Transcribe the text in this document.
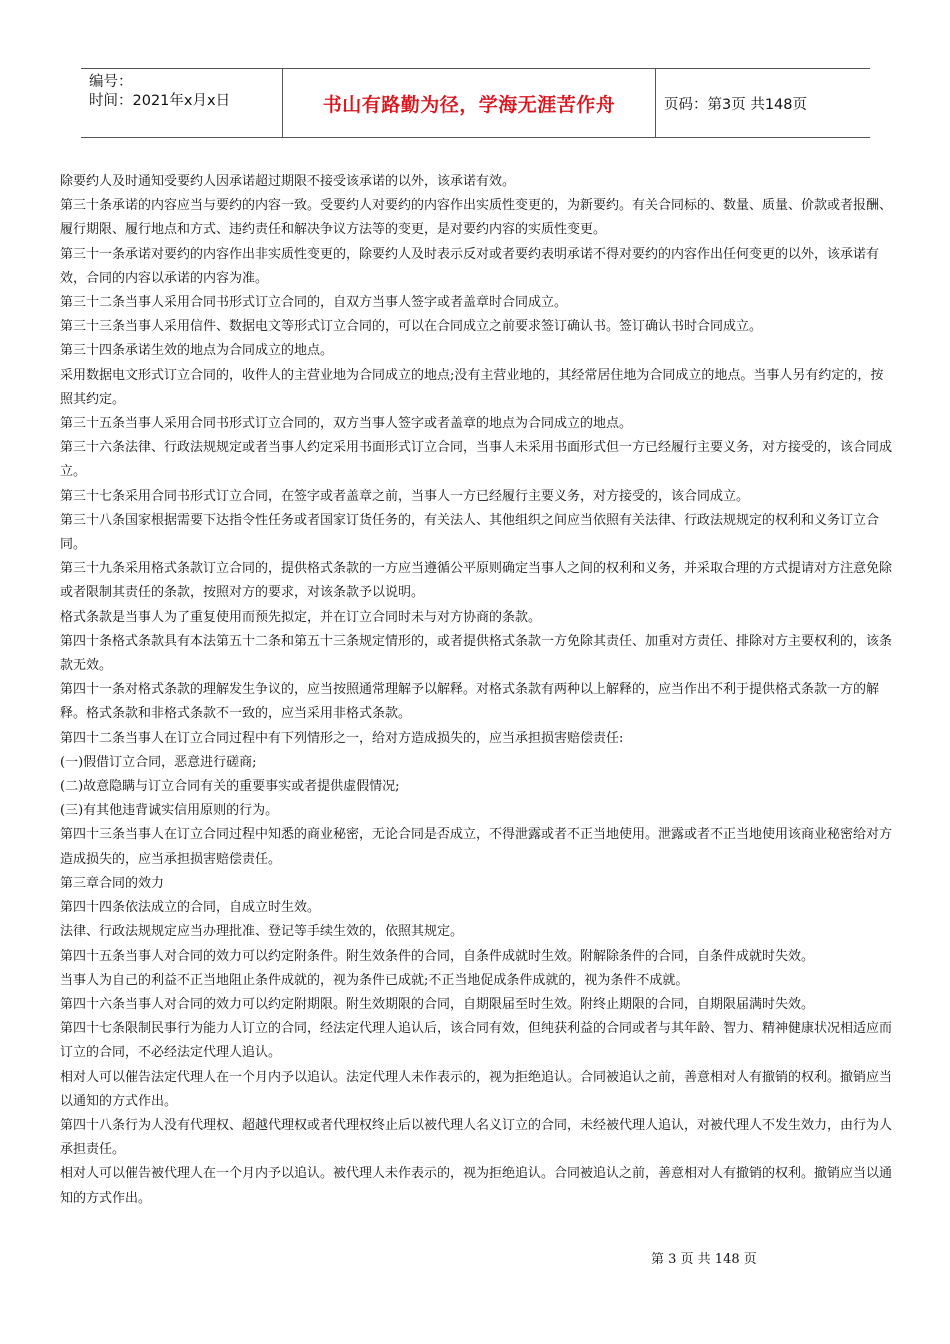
编号：
时间：2021年x月x日	书山有路勤为径，学海无涯苦作舟	页码：第3页 共148页

除要约人及时通知受要约人因承诺超过期限不接受该承诺的以外，该承诺有效。

第三十条承诺的内容应当与要约的内容一致。受要约人对要约的内容作出实质性变更的，为新要约。有关合同标的、数量、质量、价款或者报酬、履行期限、履行地点和方式、违约责任和解决争议方法等的变更，是对要约内容的实质性变更。

第三十一条承诺对要约的内容作出非实质性变更的，除要约人及时表示反对或者要约表明承诺不得对要约的内容作出任何变更的以外，该承诺有效，合同的内容以承诺的内容为准。

第三十二条当事人采用合同书形式订立合同的，自双方当事人签字或者盖章时合同成立。

第三十三条当事人采用信件、数据电文等形式订立合同的，可以在合同成立之前要求签订确认书。签订确认书时合同成立。

第三十四条承诺生效的地点为合同成立的地点。

采用数据电文形式订立合同的，收件人的主营业地为合同成立的地点;没有主营业地的，其经常居住地为合同成立的地点。当事人另有约定的，按照其约定。

第三十五条当事人采用合同书形式订立合同的，双方当事人签字或者盖章的地点为合同成立的地点。

第三十六条法律、行政法规规定或者当事人约定采用书面形式订立合同，当事人未采用书面形式但一方已经履行主要义务，对方接受的，该合同成立。

第三十七条采用合同书形式订立合同，在签字或者盖章之前，当事人一方已经履行主要义务，对方接受的，该合同成立。

第三十八条国家根据需要下达指令性任务或者国家订货任务的，有关法人、其他组织之间应当依照有关法律、行政法规规定的权利和义务订立合同。

第三十九条采用格式条款订立合同的，提供格式条款的一方应当遵循公平原则确定当事人之间的权利和义务，并采取合理的方式提请对方注意免除或者限制其责任的条款，按照对方的要求，对该条款予以说明。

格式条款是当事人为了重复使用而预先拟定，并在订立合同时未与对方协商的条款。

第四十条格式条款具有本法第五十二条和第五十三条规定情形的，或者提供格式条款一方免除其责任、加重对方责任、排除对方主要权利的，该条款无效。

第四十一条对格式条款的理解发生争议的，应当按照通常理解予以解释。对格式条款有两种以上解释的，应当作出不利于提供格式条款一方的解释。格式条款和非格式条款不一致的，应当采用非格式条款。

第四十二条当事人在订立合同过程中有下列情形之一，给对方造成损失的，应当承担损害赔偿责任:

(一)假借订立合同，恶意进行磋商;

(二)故意隐瞒与订立合同有关的重要事实或者提供虚假情况;

(三)有其他违背诚实信用原则的行为。

第四十三条当事人在订立合同过程中知悉的商业秘密，无论合同是否成立，不得泄露或者不正当地使用。泄露或者不正当地使用该商业秘密给对方造成损失的，应当承担损害赔偿责任。

第三章合同的效力

第四十四条依法成立的合同，自成立时生效。

法律、行政法规规定应当办理批准、登记等手续生效的，依照其规定。

第四十五条当事人对合同的效力可以约定附条件。附生效条件的合同，自条件成就时生效。附解除条件的合同，自条件成就时失效。

当事人为自己的利益不正当地阻止条件成就的，视为条件已成就;不正当地促成条件成就的，视为条件不成就。

第四十六条当事人对合同的效力可以约定附期限。附生效期限的合同，自期限届至时生效。附终止期限的合同，自期限届满时失效。

第四十七条限制民事行为能力人订立的合同，经法定代理人追认后，该合同有效，但纯获利益的合同或者与其年龄、智力、精神健康状况相适应而订立的合同，不必经法定代理人追认。

相对人可以催告法定代理人在一个月内予以追认。法定代理人未作表示的，视为拒绝追认。合同被追认之前，善意相对人有撤销的权利。撤销应当以通知的方式作出。

第四十八条行为人没有代理权、超越代理权或者代理权终止后以被代理人名义订立的合同，未经被代理人追认，对被代理人不发生效力，由行为人承担责任。

相对人可以催告被代理人在一个月内予以追认。被代理人未作表示的，视为拒绝追认。合同被追认之前，善意相对人有撤销的权利。撤销应当以通知的方式作出。

第 3 页 共 148 页
